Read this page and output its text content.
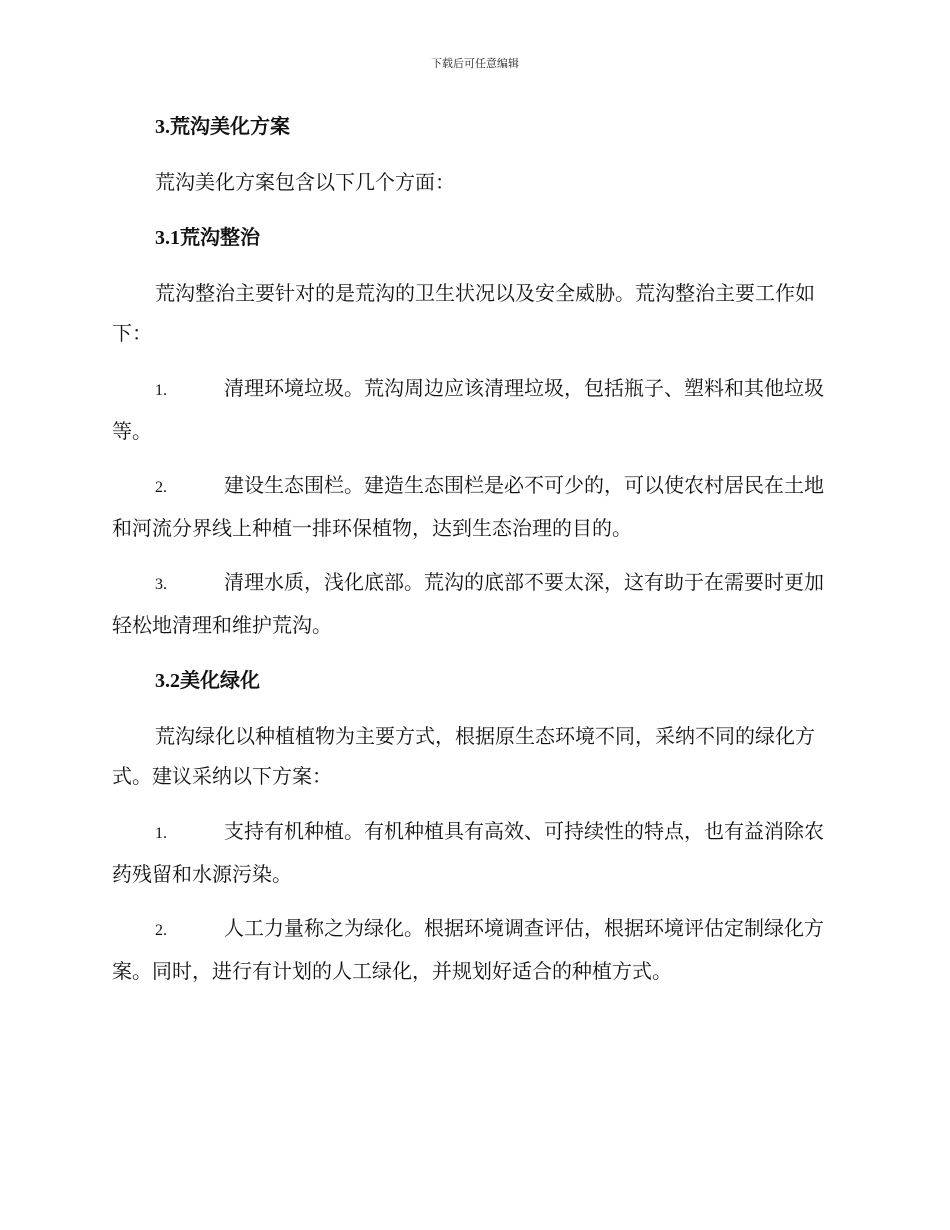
下载后可任意编辑
3.荒沟美化方案
荒沟美化方案包含以下几个方面：
3.1荒沟整治
荒沟整治主要针对的是荒沟的卫生状况以及安全威胁。荒沟整治主要工作如下：
1.	清理环境垃圾。荒沟周边应该清理垃圾，包括瓶子、塑料和其他垃圾等。
2.	建设生态围栏。建造生态围栏是必不可少的，可以使农村居民在土地和河流分界线上种植一排环保植物，达到生态治理的目的。
3.	清理水质，浅化底部。荒沟的底部不要太深，这有助于在需要时更加轻松地清理和维护荒沟。
3.2美化绿化
荒沟绿化以种植植物为主要方式，根据原生态环境不同，采纳不同的绿化方式。建议采纳以下方案：
1.	支持有机种植。有机种植具有高效、可持续性的特点，也有益消除农药残留和水源污染。
2.	人工力量称之为绿化。根据环境调查评估，根据环境评估定制绿化方案。同时，进行有计划的人工绿化，并规划好适合的种植方式。
